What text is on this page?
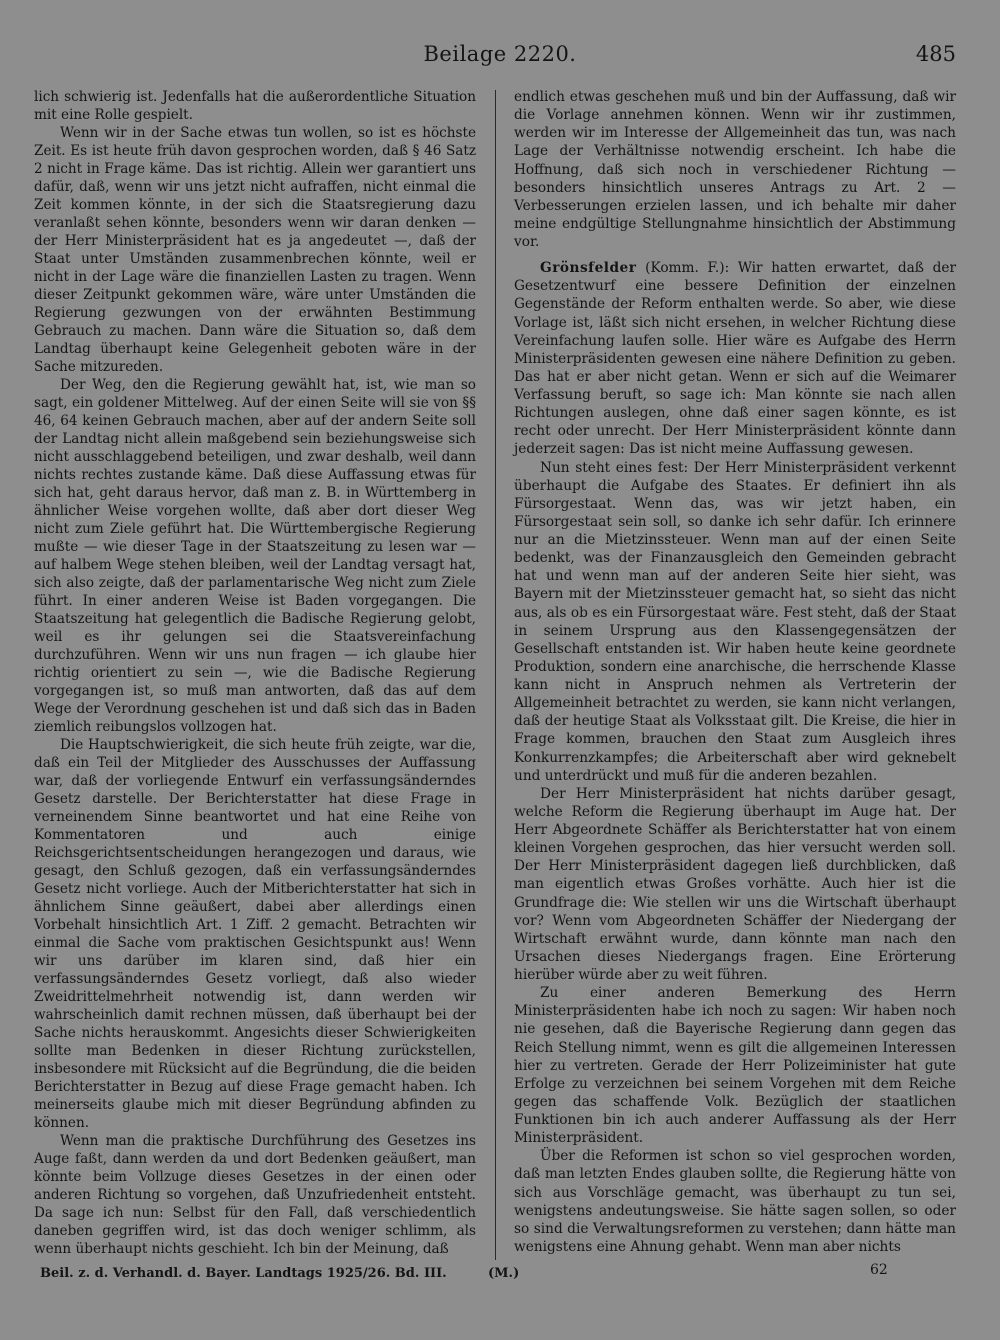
Beilage 2220.	485

lich schwierig ist. Jedenfalls hat die außerordentliche Situation mit eine Rolle gespielt.

Wenn wir in der Sache etwas tun wollen, so ist es höchste Zeit. Es ist heute früh davon gesprochen worden, daß § 46 Satz 2 nicht in Frage käme. Das ist richtig. Allein wer garantiert uns dafür, daß, wenn wir uns jetzt nicht aufraffen, nicht einmal die Zeit kommen könnte, in der sich die Staatsregierung dazu veranlaßt sehen könnte, besonders wenn wir daran denken — der Herr Ministerpräsident hat es ja angedeutet —, daß der Staat unter Umständen zusammenbrechen könnte, weil er nicht in der Lage wäre die finanziellen Lasten zu tragen. Wenn dieser Zeitpunkt gekommen wäre, wäre unter Umständen die Regierung gezwungen von der erwähnten Bestimmung Gebrauch zu machen. Dann wäre die Situation so, daß dem Landtag überhaupt keine Gelegenheit geboten wäre in der Sache mitzureden.

Der Weg, den die Regierung gewählt hat, ist, wie man so sagt, ein goldener Mittelweg. Auf der einen Seite will sie von §§ 46, 64 keinen Gebrauch machen, aber auf der andern Seite soll der Landtag nicht allein maßgebend sein beziehungsweise sich nicht ausschlaggebend beteiligen, und zwar deshalb, weil dann nichts rechtes zustande käme. Daß diese Auffassung etwas für sich hat, geht daraus hervor, daß man z. B. in Württemberg in ähnlicher Weise vorgehen wollte, daß aber dort dieser Weg nicht zum Ziele geführt hat. Die Württembergische Regierung mußte — wie dieser Tage in der Staatszeitung zu lesen war — auf halbem Wege stehen bleiben, weil der Landtag versagt hat, sich also zeigte, daß der parlamentarische Weg nicht zum Ziele führt. In einer anderen Weise ist Baden vorgegangen. Die Staatszeitung hat gelegentlich die Badische Regierung gelobt, weil es ihr gelungen sei die Staatsvereinfachung durchzuführen. Wenn wir uns nun fragen — ich glaube hier richtig orientiert zu sein —, wie die Badische Regierung vorgegangen ist, so muß man antworten, daß das auf dem Wege der Verordnung geschehen ist und daß sich das in Baden ziemlich reibungslos vollzogen hat.

Die Hauptschwierigkeit, die sich heute früh zeigte, war die, daß ein Teil der Mitglieder des Ausschusses der Auffassung war, daß der vorliegende Entwurf ein verfassungsänderndes Gesetz darstelle. Der Berichterstatter hat diese Frage in verneinendem Sinne beantwortet und hat eine Reihe von Kommentatoren und auch einige Reichsgerichtsentscheidungen herangezogen und daraus, wie gesagt, den Schluß gezogen, daß ein verfassungsänderndes Gesetz nicht vorliege. Auch der Mitberichterstatter hat sich in ähnlichem Sinne geäußert, dabei aber allerdings einen Vorbehalt hinsichtlich Art. 1 Ziff. 2 gemacht. Betrachten wir einmal die Sache vom praktischen Gesichtspunkt aus! Wenn wir uns darüber im klaren sind, daß hier ein verfassungsänderndes Gesetz vorliegt, daß also wieder Zweidrittelmehrheit notwendig ist, dann werden wir wahrscheinlich damit rechnen müssen, daß überhaupt bei der Sache nichts herauskommt. Angesichts dieser Schwierigkeiten sollte man Bedenken in dieser Richtung zurückstellen, insbesondere mit Rücksicht auf die Begründung, die die beiden Berichterstatter in Bezug auf diese Frage gemacht haben. Ich meinerseits glaube mich mit dieser Begründung abfinden zu können.

Wenn man die praktische Durchführung des Gesetzes ins Auge faßt, dann werden da und dort Bedenken geäußert, man könnte beim Vollzuge dieses Gesetzes in der einen oder anderen Richtung so vorgehen, daß Unzufriedenheit entsteht. Da sage ich nun: Selbst für den Fall, daß verschiedentlich daneben gegriffen wird, ist das doch weniger schlimm, als wenn überhaupt nichts geschieht. Ich bin der Meinung, daß

endlich etwas geschehen muß und bin der Auffassung, daß wir die Vorlage annehmen können. Wenn wir ihr zustimmen, werden wir im Interesse der Allgemeinheit das tun, was nach Lage der Verhältnisse notwendig erscheint. Ich habe die Hoffnung, daß sich noch in verschiedener Richtung — besonders hinsichtlich unseres Antrags zu Art. 2 — Verbesserungen erzielen lassen, und ich behalte mir daher meine endgültige Stellungnahme hinsichtlich der Abstimmung vor.

Grönsfelder (Komm. F.): Wir hatten erwartet, daß der Gesetzentwurf eine bessere Definition der einzelnen Gegenstände der Reform enthalten werde. So aber, wie diese Vorlage ist, läßt sich nicht ersehen, in welcher Richtung diese Vereinfachung laufen solle. Hier wäre es Aufgabe des Herrn Ministerpräsidenten gewesen eine nähere Definition zu geben. Das hat er aber nicht getan. Wenn er sich auf die Weimarer Verfassung beruft, so sage ich: Man könnte sie nach allen Richtungen auslegen, ohne daß einer sagen könnte, es ist recht oder unrecht. Der Herr Ministerpräsident könnte dann jederzeit sagen: Das ist nicht meine Auffassung gewesen.

Nun steht eines fest: Der Herr Ministerpräsident verkennt überhaupt die Aufgabe des Staates. Er definiert ihn als Fürsorgestaat. Wenn das, was wir jetzt haben, ein Fürsorgestaat sein soll, so danke ich sehr dafür. Ich erinnere nur an die Mietzinssteuer. Wenn man auf der einen Seite bedenkt, was der Finanzausgleich den Gemeinden gebracht hat und wenn man auf der anderen Seite hier sieht, was Bayern mit der Mietzinssteuer gemacht hat, so sieht das nicht aus, als ob es ein Fürsorgestaat wäre. Fest steht, daß der Staat in seinem Ursprung aus den Klassengegensätzen der Gesellschaft entstanden ist. Wir haben heute keine geordnete Produktion, sondern eine anarchische, die herrschende Klasse kann nicht in Anspruch nehmen als Vertreterin der Allgemeinheit betrachtet zu werden, sie kann nicht verlangen, daß der heutige Staat als Volksstaat gilt. Die Kreise, die hier in Frage kommen, brauchen den Staat zum Ausgleich ihres Konkurrenzkampfes; die Arbeiterschaft aber wird geknebelt und unterdrückt und muß für die anderen bezahlen.

Der Herr Ministerpräsident hat nichts darüber gesagt, welche Reform die Regierung überhaupt im Auge hat. Der Herr Abgeordnete Schäffer als Berichterstatter hat von einem kleinen Vorgehen gesprochen, das hier versucht werden soll. Der Herr Ministerpräsident dagegen ließ durchblicken, daß man eigentlich etwas Großes vorhätte. Auch hier ist die Grundfrage die: Wie stellen wir uns die Wirtschaft überhaupt vor? Wenn vom Abgeordneten Schäffer der Niedergang der Wirtschaft erwähnt wurde, dann könnte man nach den Ursachen dieses Niedergangs fragen. Eine Erörterung hierüber würde aber zu weit führen.

Zu einer anderen Bemerkung des Herrn Ministerpräsidenten habe ich noch zu sagen: Wir haben noch nie gesehen, daß die Bayerische Regierung dann gegen das Reich Stellung nimmt, wenn es gilt die allgemeinen Interessen hier zu vertreten. Gerade der Herr Polizeiminister hat gute Erfolge zu verzeichnen bei seinem Vorgehen mit dem Reiche gegen das schaffende Volk. Bezüglich der staatlichen Funktionen bin ich auch anderer Auffassung als der Herr Ministerpräsident.

Über die Reformen ist schon so viel gesprochen worden, daß man letzten Endes glauben sollte, die Regierung hätte von sich aus Vorschläge gemacht, was überhaupt zu tun sei, wenigstens andeutungsweise. Sie hätte sagen sollen, so oder so sind die Verwaltungsreformen zu verstehen; dann hätte man wenigstens eine Ahnung gehabt. Wenn man aber nichts

Beil. z. d. Verhandl. d. Bayer. Landtags 1925/26. Bd. III.	(M.)	62
